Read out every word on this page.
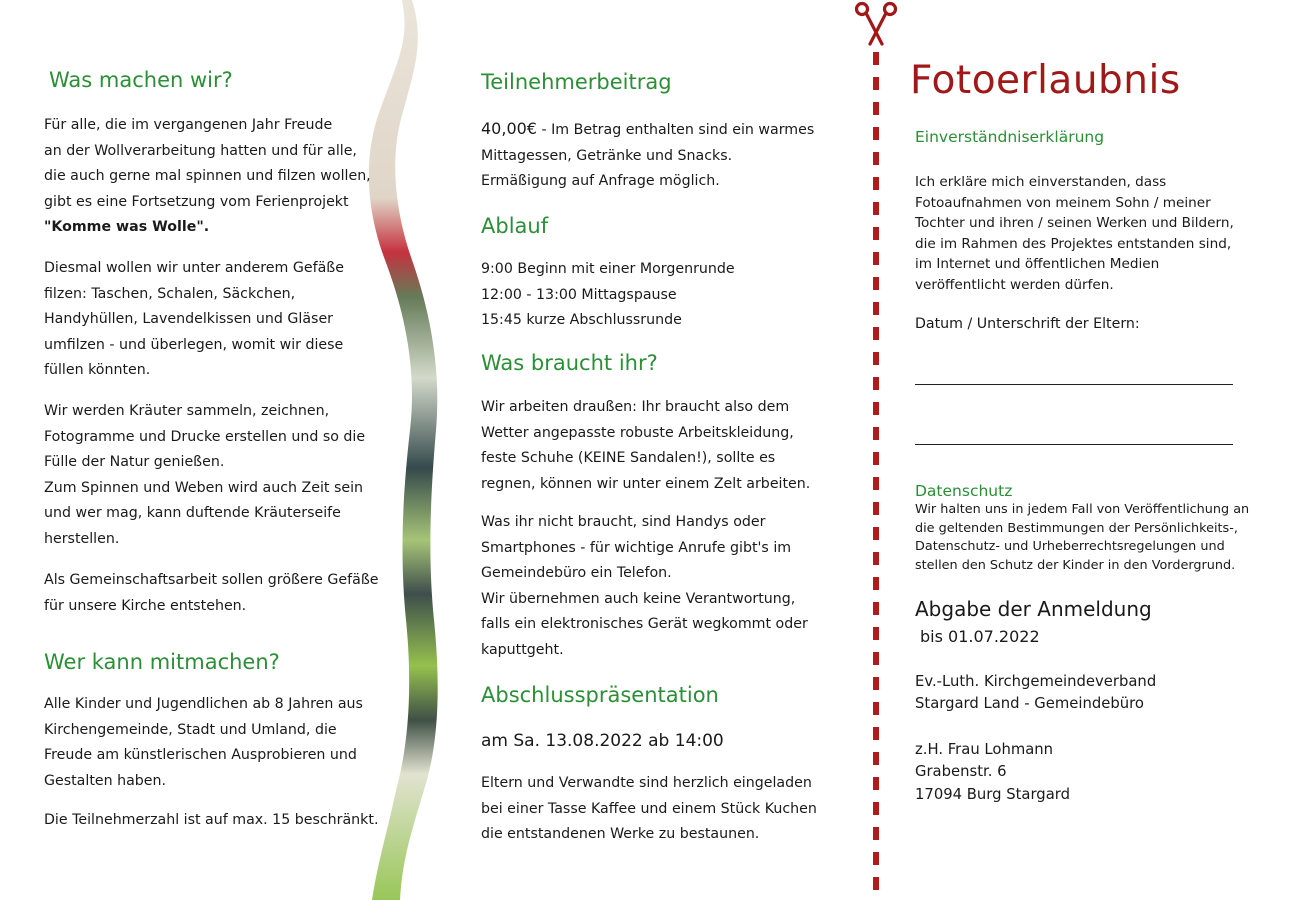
Was machen wir?

Für alle, die im vergangenen Jahr Freude
an der Wollverarbeitung hatten und für alle,
die auch gerne mal spinnen und filzen wollen,
gibt es eine Fortsetzung vom Ferienprojekt
"Komme was Wolle".

Diesmal wollen wir unter anderem Gefäße
filzen: Taschen, Schalen, Säckchen,
Handyhüllen, Lavendelkissen und Gläser
umfilzen - und überlegen, womit wir diese
füllen könnten.

Wir werden Kräuter sammeln, zeichnen,
Fotogramme und Drucke erstellen und so die
Fülle der Natur genießen.
Zum Spinnen und Weben wird auch Zeit sein
und wer mag, kann duftende Kräuterseife
herstellen.

Als Gemeinschaftsarbeit sollen größere Gefäße
für unsere Kirche entstehen.

Wer kann mitmachen?

Alle Kinder und Jugendlichen ab 8 Jahren aus
Kirchengemeinde, Stadt und Umland, die
Freude am künstlerischen Ausprobieren und
Gestalten haben.

Die Teilnehmerzahl ist auf max. 15 beschränkt.

Teilnehmerbeitrag

40,00€ - Im Betrag enthalten sind ein warmes
Mittagessen, Getränke und Snacks.
Ermäßigung auf Anfrage möglich.

Ablauf

9:00 Beginn mit einer Morgenrunde
12:00 - 13:00 Mittagspause
15:45 kurze Abschlussrunde

Was braucht ihr?

Wir arbeiten draußen: Ihr braucht also dem
Wetter angepasste robuste Arbeitskleidung,
feste Schuhe (KEINE Sandalen!), sollte es
regnen, können wir unter einem Zelt arbeiten.

Was ihr nicht braucht, sind Handys oder
Smartphones - für wichtige Anrufe gibt's im
Gemeindebüro ein Telefon.
Wir übernehmen auch keine Verantwortung,
falls ein elektronisches Gerät wegkommt oder
kaputtgeht.

Abschlusspräsentation

am Sa. 13.08.2022 ab 14:00

Eltern und Verwandte sind herzlich eingeladen
bei einer Tasse Kaffee und einem Stück Kuchen
die entstandenen Werke zu bestaunen.

Fotoerlaubnis
Einverständniserklärung

Ich erkläre mich einverstanden, dass
Fotoaufnahmen von meinem Sohn / meiner
Tochter und ihren / seinen Werken und Bildern,
die im Rahmen des Projektes entstanden sind,
im Internet und öffentlichen Medien
veröffentlicht werden dürfen.

Datum / Unterschrift der Eltern:

Datenschutz

Wir halten uns in jedem Fall von Veröffentlichung an
die geltenden Bestimmungen der Persönlichkeits-,
Datenschutz- und Urheberrechtsregelungen und
stellen den Schutz der Kinder in den Vordergrund.

Abgabe der Anmeldung

bis 01.07.2022

Ev.-Luth. Kirchgemeindeverband
Stargard Land - Gemeindebüro

z.H. Frau Lohmann
Grabenstr. 6
17094 Burg Stargard
